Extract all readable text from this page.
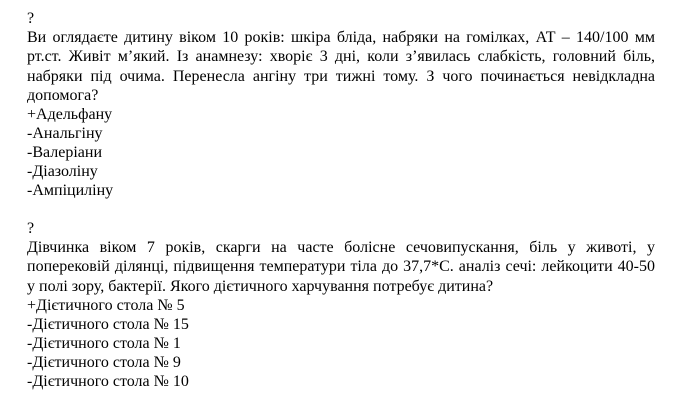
?
Ви оглядаєте дитину віком 10 років: шкіра бліда, набряки на гомілках, АТ – 140/100 мм рт.ст. Живіт м’який. Із анамнезу: хворіє 3 дні, коли з’явилась слабкість, головний біль, набряки під очима. Перенесла ангіну три тижні тому. З чого починається невідкладна допомога?
+Адельфану
-Анальгіну
-Валеріани
-Діазоліну
-Ампіциліну
?
Дівчинка віком 7 років, скарги на часте болісне сечовипускання, біль у животі, у поперековій ділянці, підвищення температури тіла до 37,7*С. аналіз сечі: лейкоцити 40-50 у полі зору, бактерії. Якого дієтичного харчування потребує дитина?
+Дієтичного стола № 5
-Дієтичного стола № 15
-Дієтичного стола № 1
-Дієтичного стола № 9
-Дієтичного стола № 10
